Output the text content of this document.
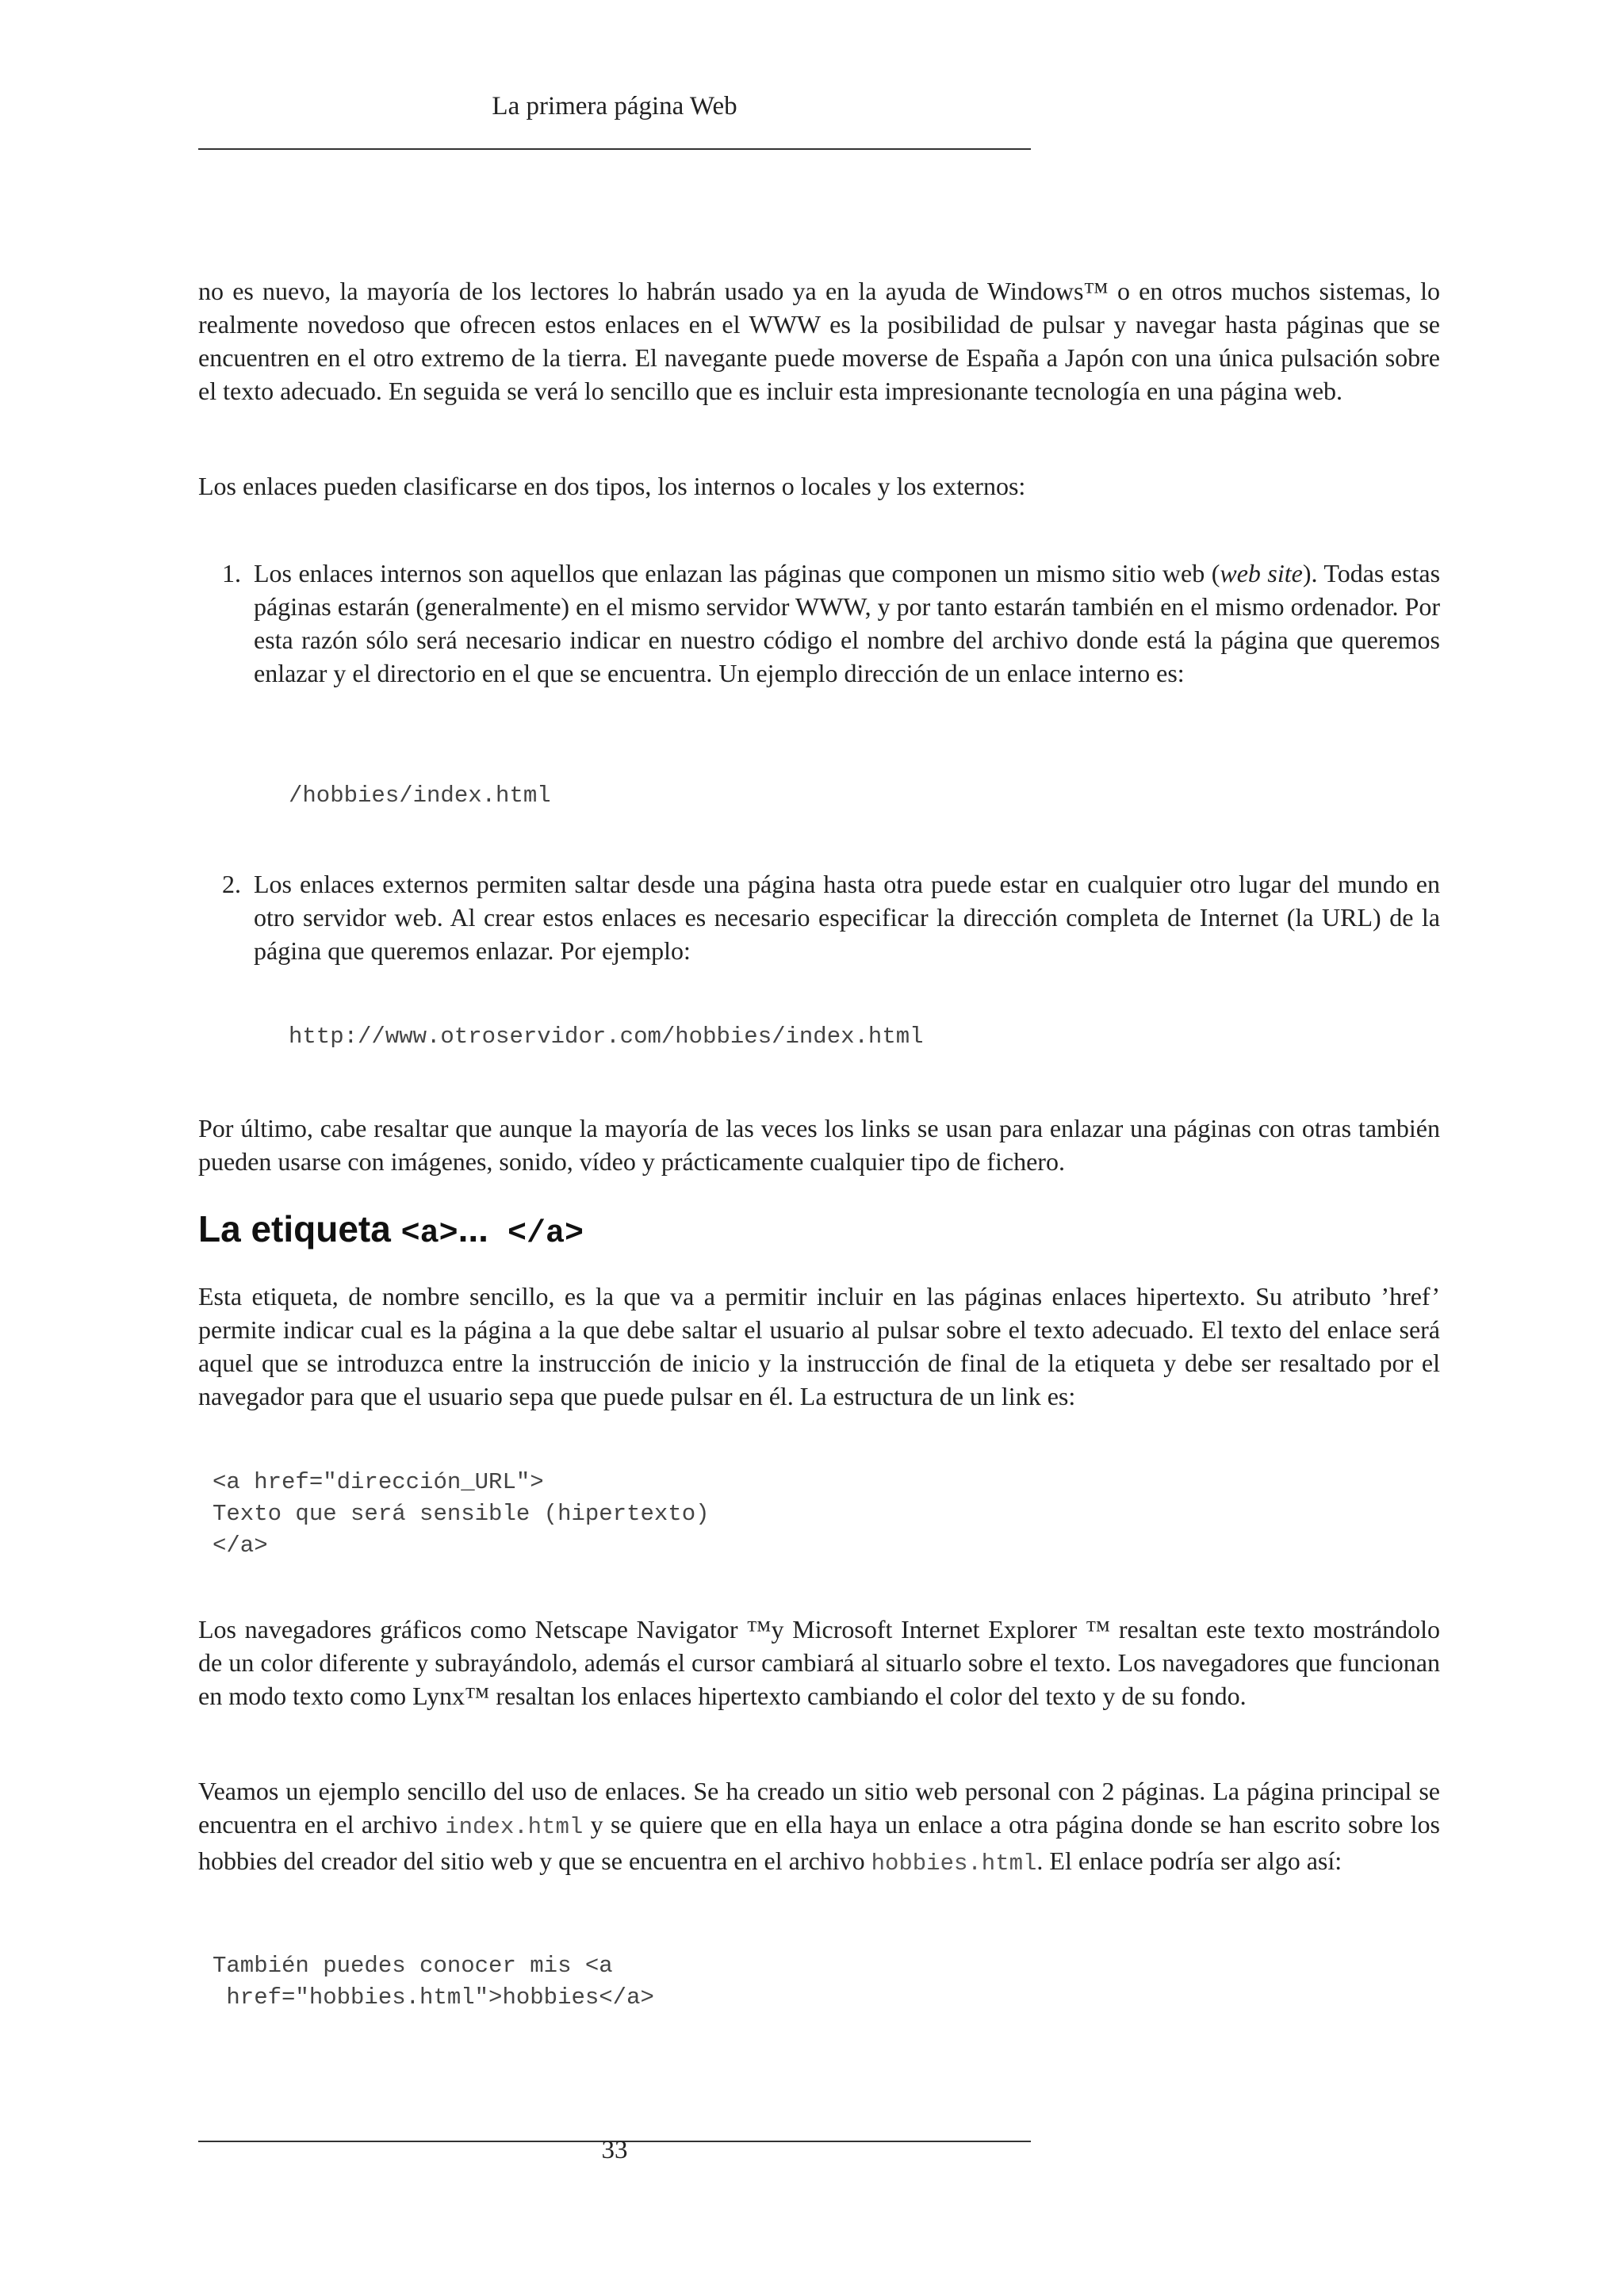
La primera página Web

no es nuevo, la mayoría de los lectores lo habrán usado ya en la ayuda de Windows™ o en otros muchos sistemas, lo realmente novedoso que ofrecen estos enlaces en el WWW es la posibilidad de pulsar y navegar hasta páginas que se encuentren en el otro extremo de la tierra. El navegante puede moverse de España a Japón con una única pulsación sobre el texto adecuado. En seguida se verá lo sencillo que es incluir esta impresionante tecnología en una página web.

Los enlaces pueden clasificarse en dos tipos, los internos o locales y los externos:

1. Los enlaces internos son aquellos que enlazan las páginas que componen un mismo sitio web (web site). Todas estas páginas estarán (generalmente) en el mismo servidor WWW, y por tanto estarán también en el mismo ordenador. Por esta razón sólo será necesario indicar en nuestro código el nombre del archivo donde está la página que queremos enlazar y el directorio en el que se encuentra. Un ejemplo dirección de un enlace interno es:
/hobbies/index.html
2. Los enlaces externos permiten saltar desde una página hasta otra puede estar en cualquier otro lugar del mundo en otro servidor web. Al crear estos enlaces es necesario especificar la dirección completa de Internet (la URL) de la página que queremos enlazar. Por ejemplo:
http://www.otroservidor.com/hobbies/index.html

Por último, cabe resaltar que aunque la mayoría de las veces los links se usan para enlazar una páginas con otras también pueden usarse con imágenes, sonido, vídeo y prácticamente cualquier tipo de fichero.

La etiqueta <a>... </a>

Esta etiqueta, de nombre sencillo, es la que va a permitir incluir en las páginas enlaces hipertexto. Su atributo ’href’ permite indicar cual es la página a la que debe saltar el usuario al pulsar sobre el texto adecuado. El texto del enlace será aquel que se introduzca entre la instrucción de inicio y la instrucción de final de la etiqueta y debe ser resaltado por el navegador para que el usuario sepa que puede pulsar en él. La estructura de un link es:

<a href="dirección_URL">
Texto que será sensible (hipertexto)
</a>

Los navegadores gráficos como Netscape Navigator ™y Microsoft Internet Explorer ™ resaltan este texto mostrándolo de un color diferente y subrayándolo, además el cursor cambiará al situarlo sobre el texto. Los navegadores que funcionan en modo texto como Lynx™ resaltan los enlaces hipertexto cambiando el color del texto y de su fondo.

Veamos un ejemplo sencillo del uso de enlaces. Se ha creado un sitio web personal con 2 páginas. La página principal se encuentra en el archivo index.html y se quiere que en ella haya un enlace a otra página donde se han escrito sobre los hobbies del creador del sitio web y que se encuentra en el archivo hobbies.html. El enlace podría ser algo así:

También puedes conocer mis <a
href="hobbies.html">hobbies</a>
33
